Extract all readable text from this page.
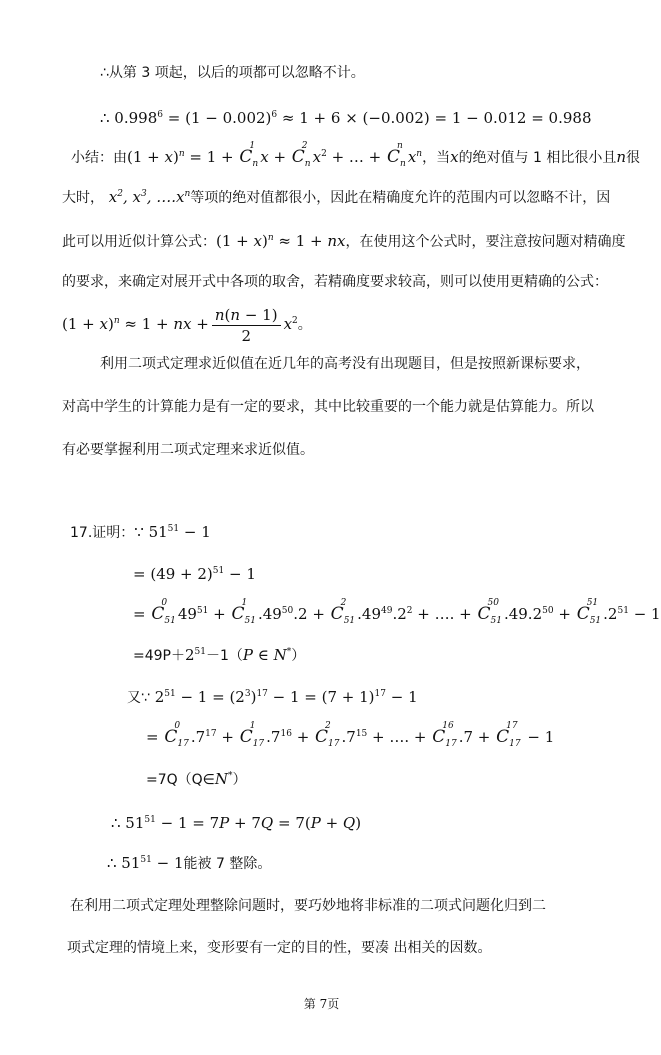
∴从第 3 项起，以后的项都可以忽略不计。
∴ $0.998^6 = (1 - 0.002)^6 \approx 1 + 6 \times (-0.002) = 1 - 0.012 = 0.988$
小结：由$(1 + x)^n = 1 + C$
1
$_n$ x + C
2
$_n$ $x^2$ + … + C
n
$_n$ $x^n$，当x的绝对值与 1 相比很小且n很
大时， $x^2$, $x^3$, $\dots.x^n$等项的绝对值都很小，因此在精确度允许的范围内可以忽略不计，因
此可以用近似计算公式：$(1 + x)^n \approx 1$ + nx，在使用这个公式时，要注意按问题对精确度
的要求，来确定对展开式中各项的取舍，若精确度要求较高，则可以使用更精确的公式：
$(1 + x)^n \approx 1$ + nx + $\frac{n(n - 1)}{2} x^2$。
利用二项式定理求近似值在近几年的高考没有出现题目，但是按照新课标要求，
对高中学生的计算能力是有一定的要求，其中比较重要的一个能力就是估算能力。所以
有必要掌握利用二项式定理来求近似值。
17.证明：∵ $51^{51} - 1$
= $(49 + 2)^{51} - 1$
= C
0
$_{51}$ $49^{51} + C$
1
$_{51}$ $.49^{50}.2 + C$
2
$_{51}$ $.49^{49}.2^2$ + …. + C
50
$_{51}$ $.49.2^{50} + C$
51
$_{51}$ $.2^{51} - 1$
$=49P+2^{51}-1(P$ ∈ N*）
又∵ $2^{51} - 1 = (2^3)^{17} - 1 = (7 + 1)^{17} - 1$
= C
0
$_{17}$ $.7^{17} + C$
1
$_{17}$ $.7^{16} + C$
2
$_{17}$ $.7^{15}$ + …. + C
16
$_{17}$ .7 + C
17
$_{17}$ − 1
=7Q（Q∈N*）
∴ $51^{51} - 1 = 7P + 7Q = 7(P + Q)$
∴ $51^{51} - 1$能被 7 整除。
在利用二项式定理处理整除问题时，要巧妙地将非标准的二项式问题化归到二
项式定理的情境上来，变形要有一定的目的性，要凑 出相关的因数。
第 7页
